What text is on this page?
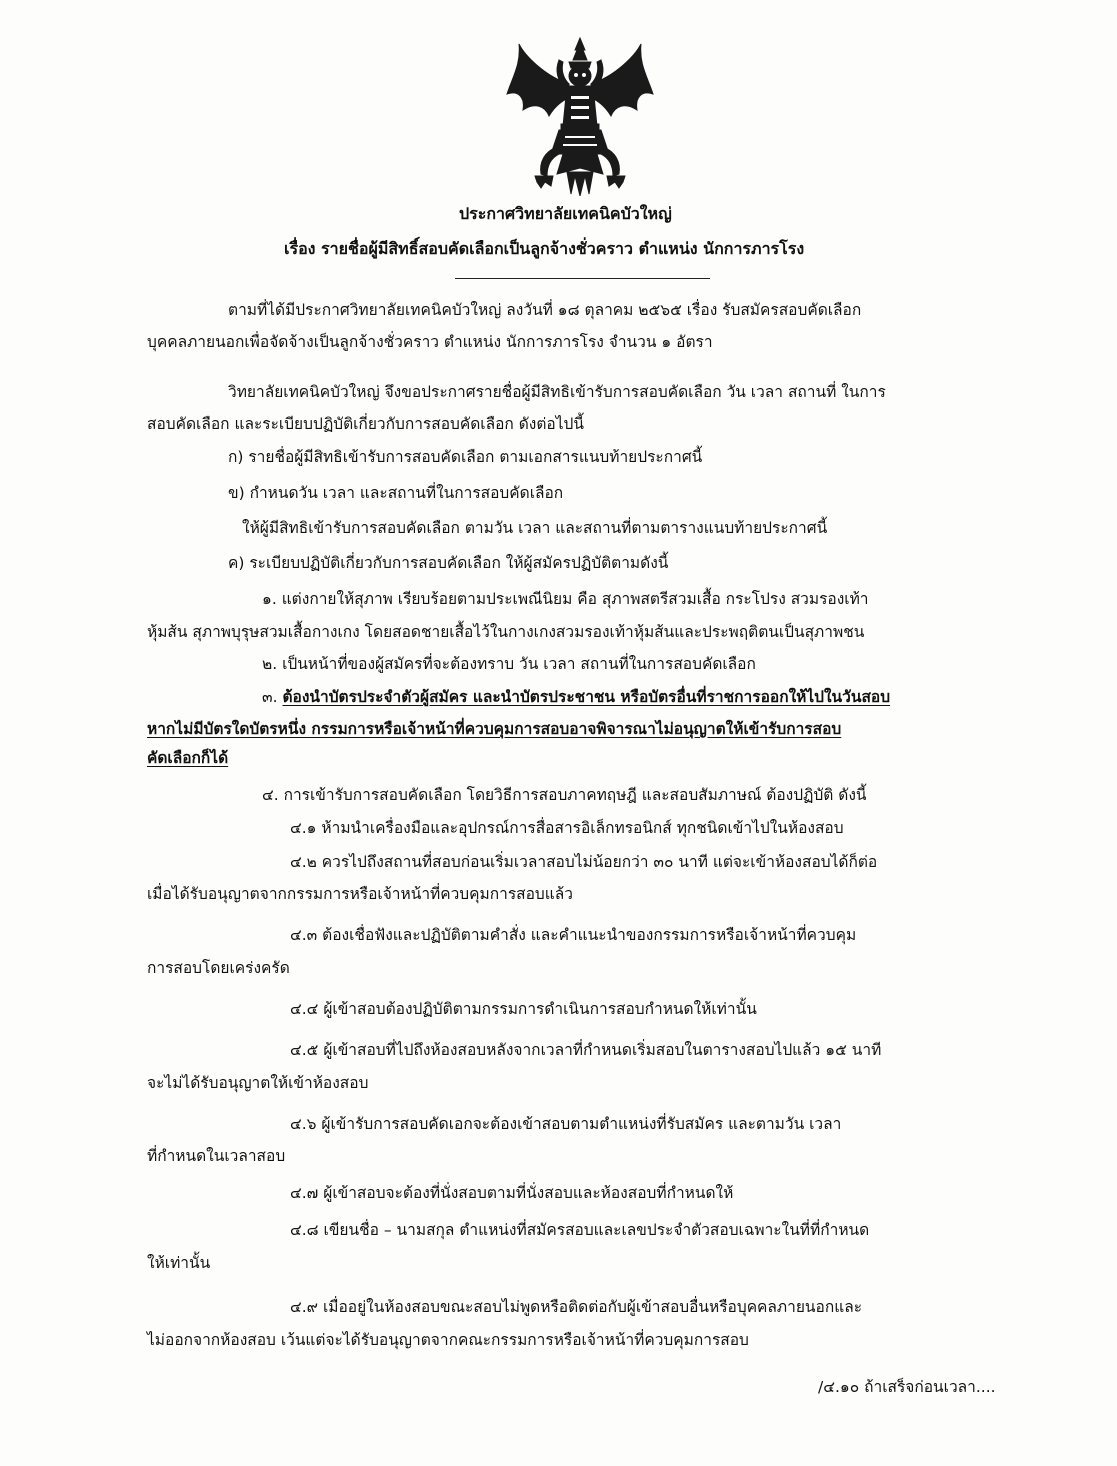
ประกาศวิทยาลัยเทคนิคบัวใหญ่
เรื่อง รายชื่อผู้มีสิทธิ์สอบคัดเลือกเป็นลูกจ้างชั่วคราว ตำแหน่ง นักการภารโรง
ตามที่ได้มีประกาศวิทยาลัยเทคนิคบัวใหญ่ ลงวันที่ ๑๘ ตุลาคม ๒๕๖๕ เรื่อง รับสมัครสอบคัดเลือก
บุคคลภายนอกเพื่อจัดจ้างเป็นลูกจ้างชั่วคราว ตำแหน่ง นักการภารโรง จำนวน ๑ อัตรา
วิทยาลัยเทคนิคบัวใหญ่ จึงขอประกาศรายชื่อผู้มีสิทธิเข้ารับการสอบคัดเลือก วัน เวลา สถานที่ ในการ
สอบคัดเลือก และระเบียบปฏิบัติเกี่ยวกับการสอบคัดเลือก ดังต่อไปนี้
ก) รายชื่อผู้มีสิทธิเข้ารับการสอบคัดเลือก ตามเอกสารแนบท้ายประกาศนี้
ข) กำหนดวัน เวลา และสถานที่ในการสอบคัดเลือก
ให้ผู้มีสิทธิเข้ารับการสอบคัดเลือก ตามวัน เวลา และสถานที่ตามตารางแนบท้ายประกาศนี้
ค) ระเบียบปฏิบัติเกี่ยวกับการสอบคัดเลือก ให้ผู้สมัครปฏิบัติตามดังนี้
๑. แต่งกายให้สุภาพ เรียบร้อยตามประเพณีนิยม คือ สุภาพสตรีสวมเสื้อ กระโปรง สวมรองเท้า
หุ้มส้น สุภาพบุรุษสวมเสื้อกางเกง โดยสอดชายเสื้อไว้ในกางเกงสวมรองเท้าหุ้มส้นและประพฤติตนเป็นสุภาพชน
๒. เป็นหน้าที่ของผู้สมัครที่จะต้องทราบ วัน เวลา สถานที่ในการสอบคัดเลือก
๓. ต้องนำบัตรประจำตัวผู้สมัคร และนำบัตรประชาชน หรือบัตรอื่นที่ราชการออกให้ไปในวันสอบ
หากไม่มีบัตรใดบัตรหนึ่ง กรรมการหรือเจ้าหน้าที่ควบคุมการสอบอาจพิจารณาไม่อนุญาตให้เข้ารับการสอบ
คัดเลือกก็ได้
๔. การเข้ารับการสอบคัดเลือก โดยวิธีการสอบภาคทฤษฎี และสอบสัมภาษณ์ ต้องปฏิบัติ ดังนี้
๔.๑ ห้ามนำเครื่องมือและอุปกรณ์การสื่อสารอิเล็กทรอนิกส์ ทุกชนิดเข้าไปในห้องสอบ
๔.๒ ควรไปถึงสถานที่สอบก่อนเริ่มเวลาสอบไม่น้อยกว่า ๓๐ นาที แต่จะเข้าห้องสอบได้ก็ต่อ
เมื่อได้รับอนุญาตจากกรรมการหรือเจ้าหน้าที่ควบคุมการสอบแล้ว
๔.๓ ต้องเชื่อฟังและปฏิบัติตามคำสั่ง และคำแนะนำของกรรมการหรือเจ้าหน้าที่ควบคุม
การสอบโดยเคร่งครัด
๔.๔ ผู้เข้าสอบต้องปฏิบัติตามกรรมการดำเนินการสอบกำหนดให้เท่านั้น
๔.๕ ผู้เข้าสอบที่ไปถึงห้องสอบหลังจากเวลาที่กำหนดเริ่มสอบในตารางสอบไปแล้ว ๑๕ นาที
จะไม่ได้รับอนุญาตให้เข้าห้องสอบ
๔.๖ ผู้เข้ารับการสอบคัดเอกจะต้องเข้าสอบตามตำแหน่งที่รับสมัคร และตามวัน เวลา
ที่กำหนดในเวลาสอบ
๔.๗ ผู้เข้าสอบจะต้องที่นั่งสอบตามที่นั่งสอบและห้องสอบที่กำหนดให้
๔.๘ เขียนชื่อ – นามสกุล ตำแหน่งที่สมัครสอบและเลขประจำตัวสอบเฉพาะในที่ที่กำหนด
ให้เท่านั้น
๔.๙ เมื่ออยู่ในห้องสอบขณะสอบไม่พูดหรือติดต่อกับผู้เข้าสอบอื่นหรือบุคคลภายนอกและ
ไม่ออกจากห้องสอบ เว้นแต่จะได้รับอนุญาตจากคณะกรรมการหรือเจ้าหน้าที่ควบคุมการสอบ
/๔.๑๐ ถ้าเสร็จก่อนเวลา....
